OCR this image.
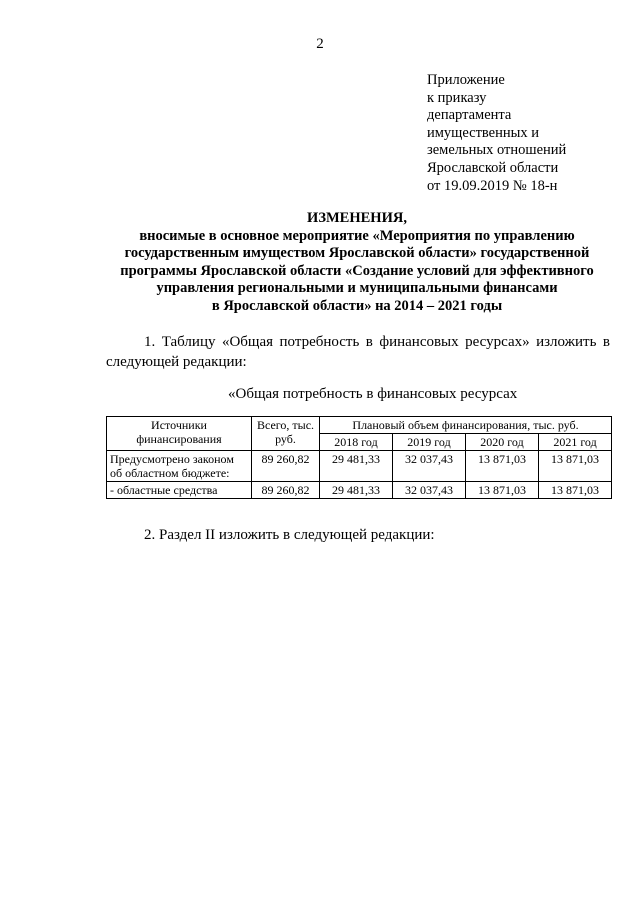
2
Приложение
к приказу
департамента
имущественных и
земельных отношений
Ярославской области
от 19.09.2019 № 18-н
ИЗМЕНЕНИЯ,
вносимые в основное мероприятие «Мероприятия по управлению
государственным имуществом Ярославской области» государственной
программы Ярославской области «Создание условий для эффективного
управления региональными и муниципальными финансами
в Ярославской области» на 2014 – 2021 годы
1. Таблицу «Общая потребность в финансовых ресурсах» изложить в следующей редакции:
«Общая потребность в финансовых ресурсах
Источники финансирования	Всего, тыс. руб.	Плановый объем финансирования, тыс. руб.			
		2018 год	2019 год	2020 год	2021 год
Предусмотрено законом об областном бюджете:	89 260,82	29 481,33	32 037,43	13 871,03	13 871,03
- областные средства	89 260,82	29 481,33	32 037,43	13 871,03	13 871,03
2. Раздел II изложить в следующей редакции:
